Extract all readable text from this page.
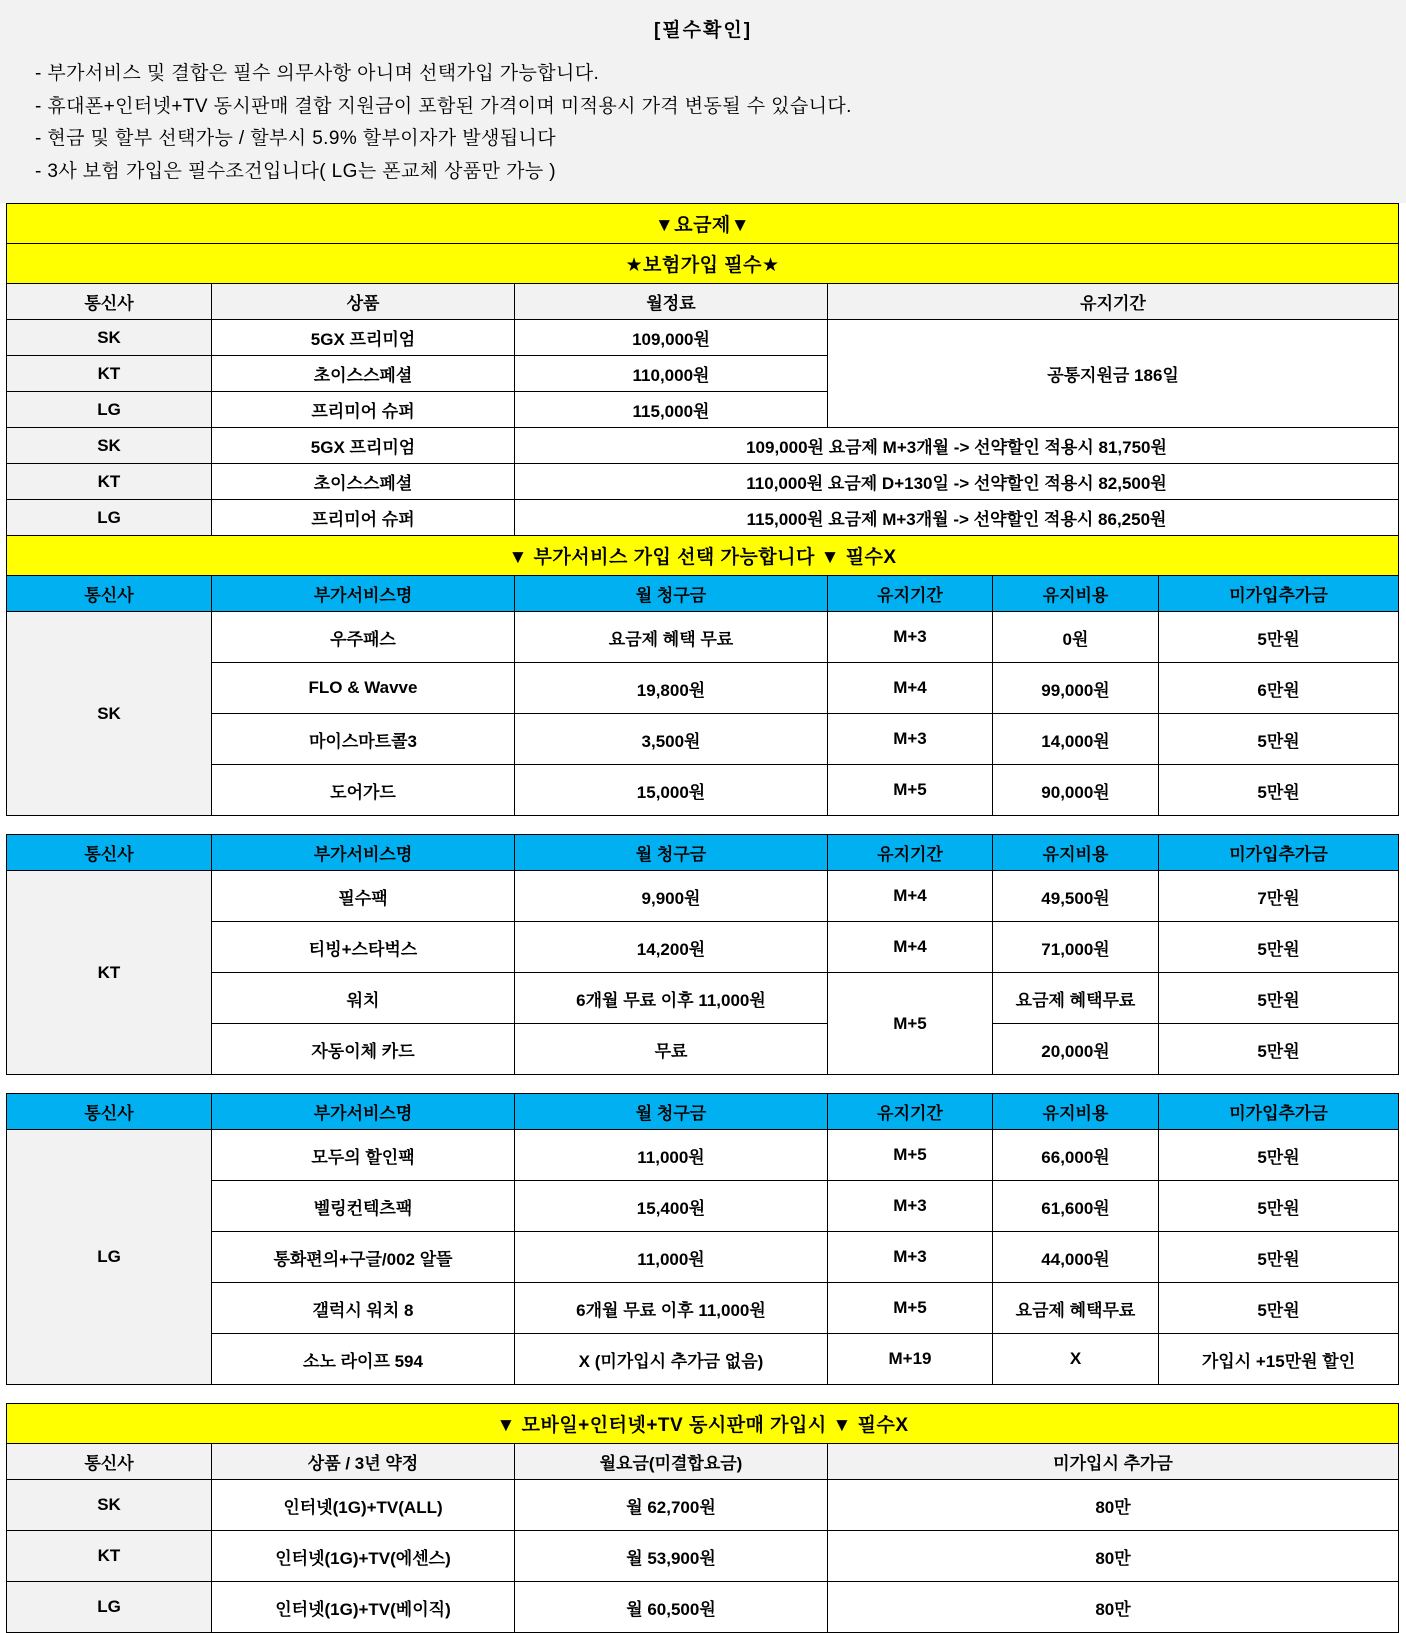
[필수확인]
- 부가서비스 및 결합은 필수 의무사항 아니며 선택가입 가능합니다.
- 휴대폰+인터넷+TV 동시판매 결합 지원금이 포함된 가격이며 미적용시 가격 변동될 수 있습니다.
- 현금 및 할부 선택가능 / 할부시 5.9% 할부이자가 발생됩니다
- 3사 보험 가입은 필수조건입니다( LG는 폰교체 상품만 가능 )
▼요금제▼					
★보험가입 필수★					
통신사	상품	월정료	유지기간		
SK	5GX 프리미엄	109,000원	공통지원금 186일		
KT	초이스스페셜	110,000원			
LG	프리미어 슈퍼	115,000원			
SK	5GX 프리미엄	109,000원 요금제 M+3개월 -> 선약할인 적용시 81,750원			
KT	초이스스페셜	110,000원 요금제 D+130일 -> 선약할인 적용시 82,500원			
LG	프리미어 슈퍼	115,000원 요금제 M+3개월 -> 선약할인 적용시 86,250원			
▼ 부가서비스 가입 선택 가능합니다 ▼ 필수X					
통신사	부가서비스명	월 청구금	유지기간	유지비용	미가입추가금
SK	우주패스	요금제 혜택 무료	M+3	0원	5만원
	FLO & Wavve	19,800원	M+4	99,000원	6만원
	마이스마트콜3	3,500원	M+3	14,000원	5만원
	도어가드	15,000원	M+5	90,000원	5만원
통신사	부가서비스명	월 청구금	유지기간	유지비용	미가입추가금
KT	필수팩	9,900원	M+4	49,500원	7만원
	티빙+스타벅스	14,200원	M+4	71,000원	5만원
	워치	6개월 무료 이후 11,000원	M+5	요금제 혜택무료	5만원
	자동이체 카드	무료		20,000원	5만원
통신사	부가서비스명	월 청구금	유지기간	유지비용	미가입추가금
LG	모두의 할인팩	11,000원	M+5	66,000원	5만원
	벨링컨텍츠팩	15,400원	M+3	61,600원	5만원
	통화편의+구글/002 알뜰	11,000원	M+3	44,000원	5만원
	갤럭시 워치 8	6개월 무료 이후 11,000원	M+5	요금제 혜택무료	5만원
	소노 라이프 594	X (미가입시 추가금 없음)	M+19	X	가입시 +15만원 할인
▼ 모바일+인터넷+TV 동시판매 가입시 ▼ 필수X			
통신사	상품 / 3년 약정	월요금(미결합요금)	미가입시 추가금
SK	인터넷(1G)+TV(ALL)	월 62,700원	80만
KT	인터넷(1G)+TV(에센스)	월 53,900원	80만
LG	인터넷(1G)+TV(베이직)	월 60,500원	80만
